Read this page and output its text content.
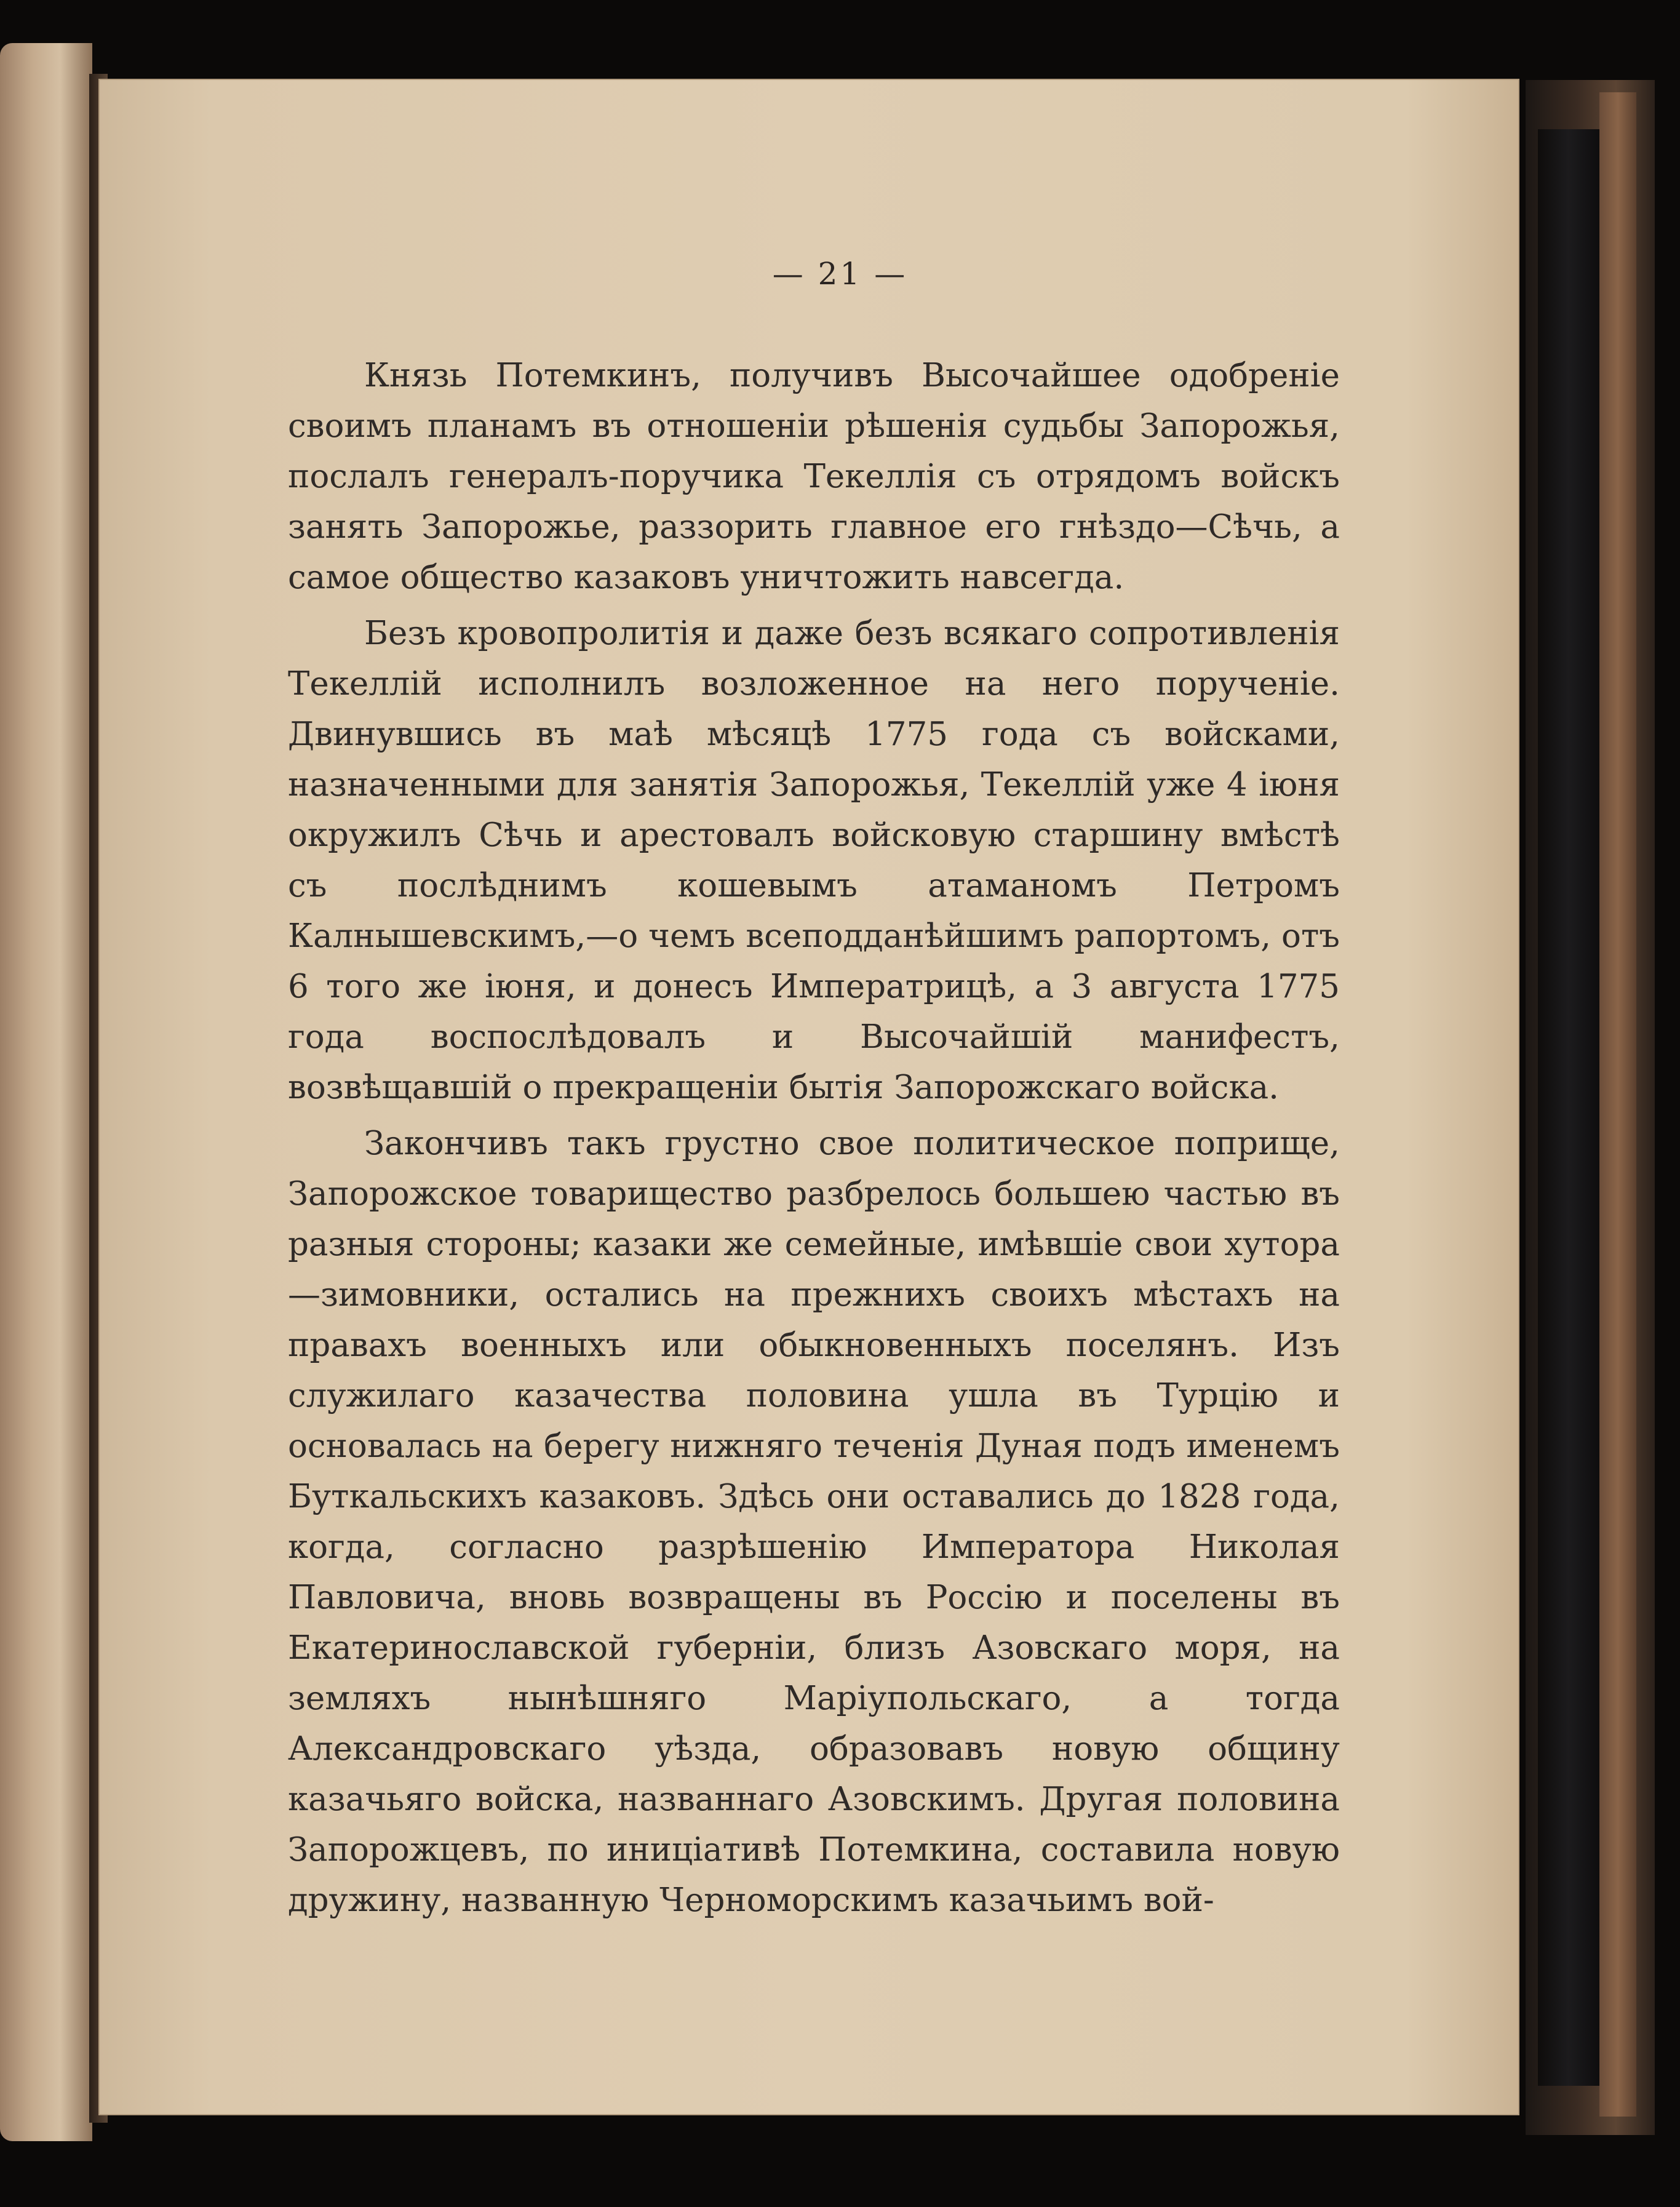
— 21 —

Князь Потемкинъ, получивъ Высочайшее одобреніе своимъ планамъ въ отношеніи рѣшенія судьбы Запорожья, послалъ генералъ-поручика Текеллія съ отрядомъ войскъ занять Запорожье, раззорить главное его гнѣздо—Сѣчь, а самое общество казаковъ уничтожить навсегда.

Безъ кровопролитія и даже безъ всякаго сопротивленія Текеллій исполнилъ возложенное на него порученіе. Двинувшись въ маѣ мѣсяцѣ 1775 года съ войсками, назначенными для занятія Запорожья, Текеллій уже 4 іюня окружилъ Сѣчь и арестовалъ войсковую старшину вмѣстѣ съ послѣднимъ кошевымъ атаманомъ Петромъ Калнышевскимъ,—о чемъ всеподданѣйшимъ рапортомъ, отъ 6 того же іюня, и донесъ Императрицѣ, а 3 августа 1775 года воспослѣдовалъ и Высочайшій манифестъ, возвѣщавшій о прекращеніи бытія Запорожскаго войска.

Закончивъ такъ грустно свое политическое поприще, Запорожское товарищество разбрелось большею частью въ разныя стороны; казаки же семейные, имѣвшіе свои хутора—зимовники, остались на прежнихъ своихъ мѣстахъ на правахъ военныхъ или обыкновенныхъ поселянъ. Изъ служилаго казачества половина ушла въ Турцію и основалась на берегу нижняго теченія Дуная подъ именемъ Буткальскихъ казаковъ. Здѣсь они оставались до 1828 года, когда, согласно разрѣшенію Императора Николая Павловича, вновь возвращены въ Россію и поселены въ Екатеринославской губерніи, близъ Азовскаго моря, на земляхъ нынѣшняго Маріупольскаго, а тогда Александровскаго уѣзда, образовавъ новую общину казачьяго войска, названнаго Азовскимъ. Другая половина Запорожцевъ, по иниціативѣ Потемкина, составила новую дружину, названную Черноморскимъ казачьимъ вой-
